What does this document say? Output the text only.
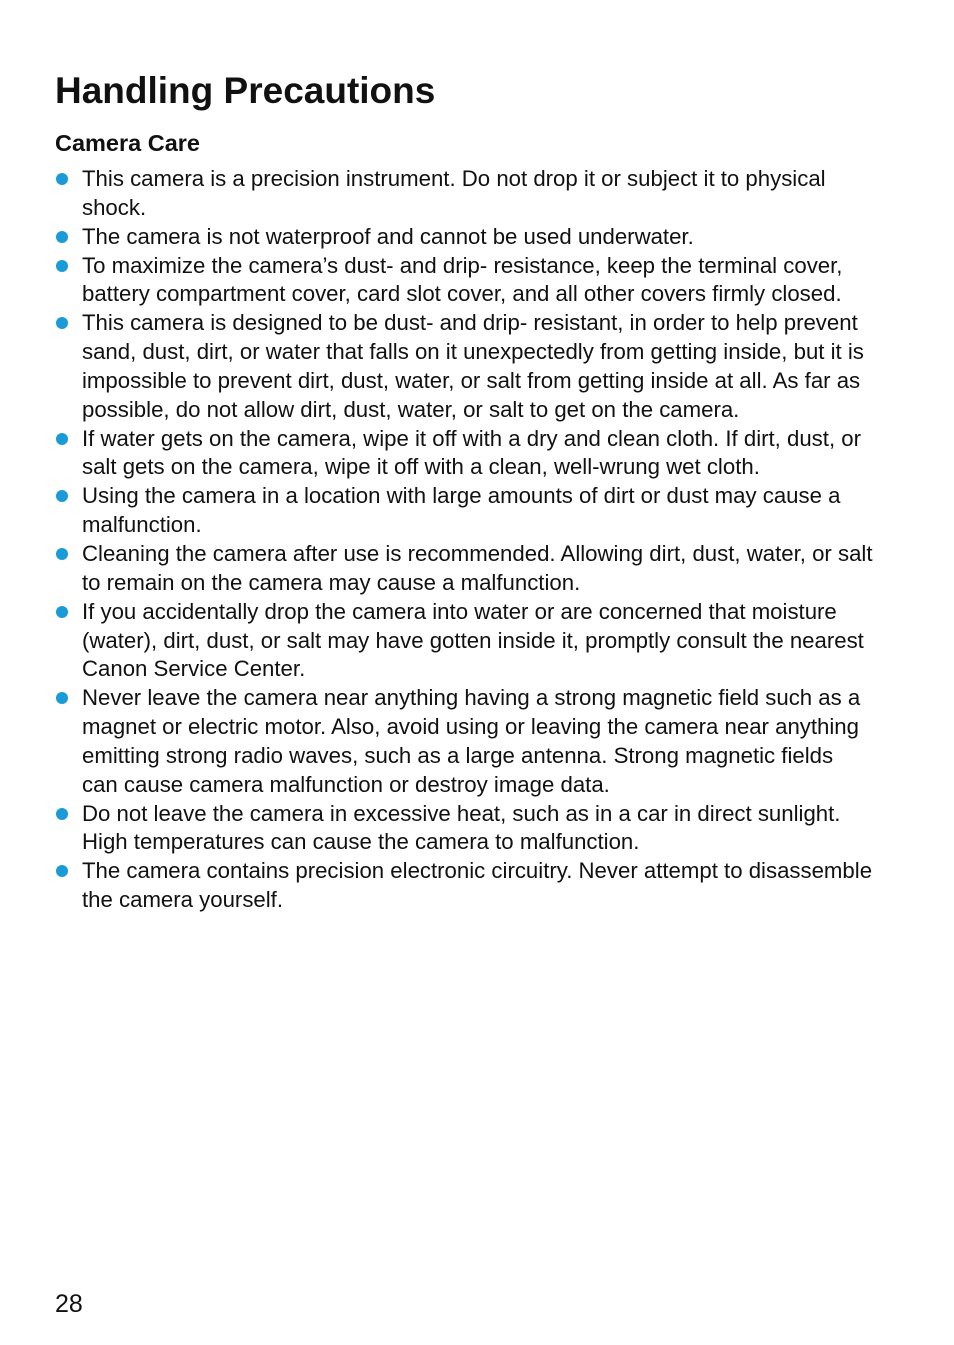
Handling Precautions
Camera Care
This camera is a precision instrument. Do not drop it or subject it to physical shock.
The camera is not waterproof and cannot be used underwater.
To maximize the camera’s dust- and drip- resistance, keep the terminal cover, battery compartment cover, card slot cover, and all other covers firmly closed.
This camera is designed to be dust- and drip- resistant, in order to help prevent sand, dust, dirt, or water that falls on it unexpectedly from getting inside, but it is impossible to prevent dirt, dust, water, or salt from getting inside at all. As far as possible, do not allow dirt, dust, water, or salt to get on the camera.
If water gets on the camera, wipe it off with a dry and clean cloth. If dirt, dust, or salt gets on the camera, wipe it off with a clean, well-wrung wet cloth.
Using the camera in a location with large amounts of dirt or dust may cause a malfunction.
Cleaning the camera after use is recommended. Allowing dirt, dust, water, or salt to remain on the camera may cause a malfunction.
If you accidentally drop the camera into water or are concerned that moisture (water), dirt, dust, or salt may have gotten inside it, promptly consult the nearest Canon Service Center.
Never leave the camera near anything having a strong magnetic field such as a magnet or electric motor. Also, avoid using or leaving the camera near anything emitting strong radio waves, such as a large antenna. Strong magnetic fields can cause camera malfunction or destroy image data.
Do not leave the camera in excessive heat, such as in a car in direct sunlight. High temperatures can cause the camera to malfunction.
The camera contains precision electronic circuitry. Never attempt to disassemble the camera yourself.
28
